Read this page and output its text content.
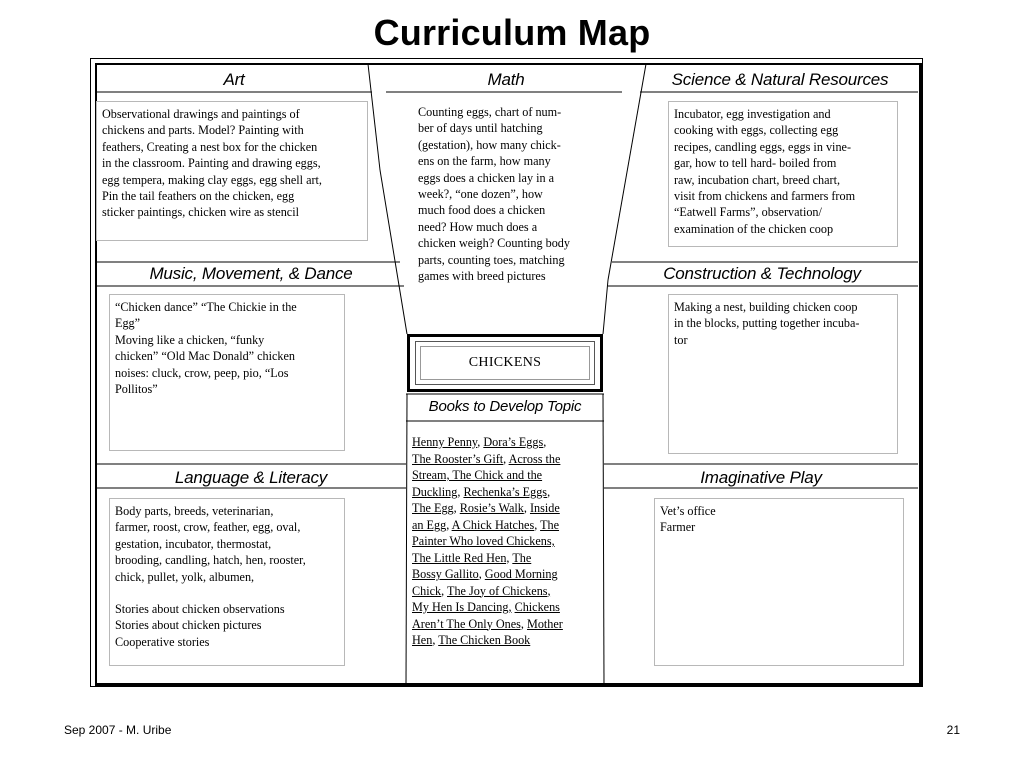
Curriculum Map
Art	Math	Science & Natural Resources

Observational drawings and paintings of

chickens and parts. Model? Painting with

feathers, Creating a nest box for the chicken

in the classroom. Painting and drawing eggs,

egg tempera, making clay eggs, egg shell art,

Pin the tail feathers on the chicken, egg

sticker paintings, chicken wire as stencil

Counting eggs, chart of num-
ber of days until hatching
(gestation), how many chick-
ens on the farm, how many
eggs does a chicken lay in a
week?, “one dozen”, how
much food does a chicken
need? How much does a
chicken weigh? Counting body
parts, counting toes, matching
games with breed pictures

Incubator, egg investigation and

cooking with eggs, collecting egg

recipes, candling eggs, eggs in vine-

gar, how to tell hard- boiled from

raw, incubation chart, breed chart,

visit from chickens and farmers from

“Eatwell Farms”, observation/

examination of the chicken coop

Music, Movement, & Dance	Construction & Technology

“Chicken dance” “The Chickie in the

Egg”

Moving like a chicken, “funky

chicken” “Old Mac Donald” chicken

noises: cluck, crow, peep, pio, “Los

Pollitos”

Making a nest, building chicken coop

in the blocks, putting together incuba-

tor

CHICKENS
Books to Develop Topic
Henny Penny, Dora’s Eggs,
The Rooster’s Gift, Across the
Stream, The Chick and the
Duckling, Rechenka’s Eggs,
The Egg, Rosie’s Walk, Inside
an Egg, A Chick Hatches, The
Painter Who loved Chickens,
The Little Red Hen, The
Bossy Gallito, Good Morning
Chick, The Joy of Chickens,
My Hen Is Dancing, Chickens
Aren’t The Only Ones, Mother
Hen, The Chicken Book
Language & Literacy	Imaginative Play

Body parts, breeds, veterinarian,

farmer, roost, crow, feather, egg, oval,

gestation, incubator, thermostat,

brooding, candling, hatch, hen, rooster,

chick, pullet, yolk, albumen,

Stories about chicken observations

Stories about chicken pictures

Cooperative stories

Vet’s office

Farmer

Sep 2007 - M. Uribe	21
